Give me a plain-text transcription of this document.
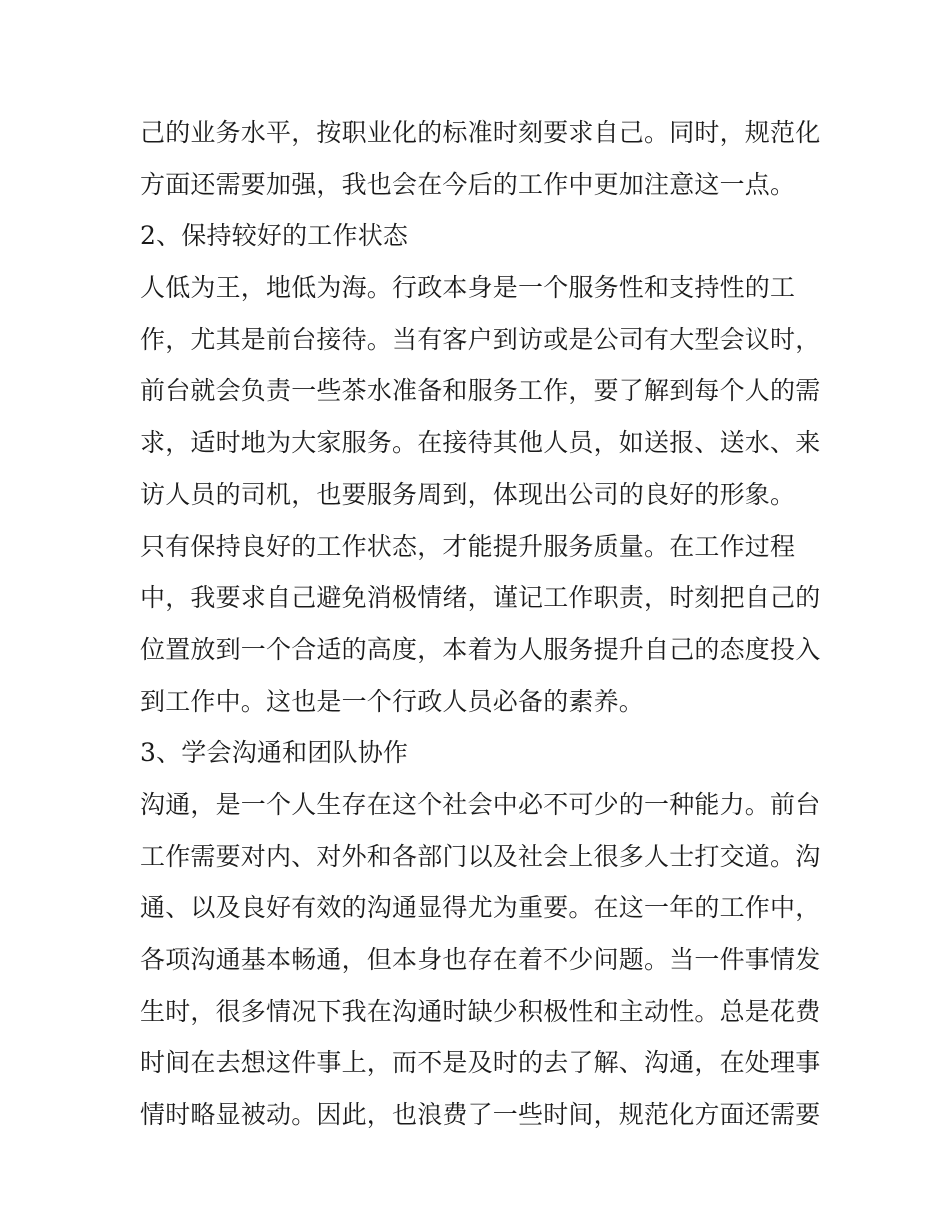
己的业务水平，按职业化的标准时刻要求自己。同时，规范化
方面还需要加强，我也会在今后的工作中更加注意这一点。
2、保持较好的工作状态
人低为王，地低为海。行政本身是一个服务性和支持性的工
作，尤其是前台接待。当有客户到访或是公司有大型会议时，
前台就会负责一些茶水准备和服务工作，要了解到每个人的需
求，适时地为大家服务。在接待其他人员，如送报、送水、来
访人员的司机，也要服务周到，体现出公司的良好的形象。
只有保持良好的工作状态，才能提升服务质量。在工作过程
中，我要求自己避免消极情绪，谨记工作职责，时刻把自己的
位置放到一个合适的高度，本着为人服务提升自己的态度投入
到工作中。这也是一个行政人员必备的素养。
3、学会沟通和团队协作
沟通，是一个人生存在这个社会中必不可少的一种能力。前台
工作需要对内、对外和各部门以及社会上很多人士打交道。沟
通、以及良好有效的沟通显得尤为重要。在这一年的工作中，
各项沟通基本畅通，但本身也存在着不少问题。当一件事情发
生时，很多情况下我在沟通时缺少积极性和主动性。总是花费
时间在去想这件事上，而不是及时的去了解、沟通，在处理事
情时略显被动。因此，也浪费了一些时间，规范化方面还需要
